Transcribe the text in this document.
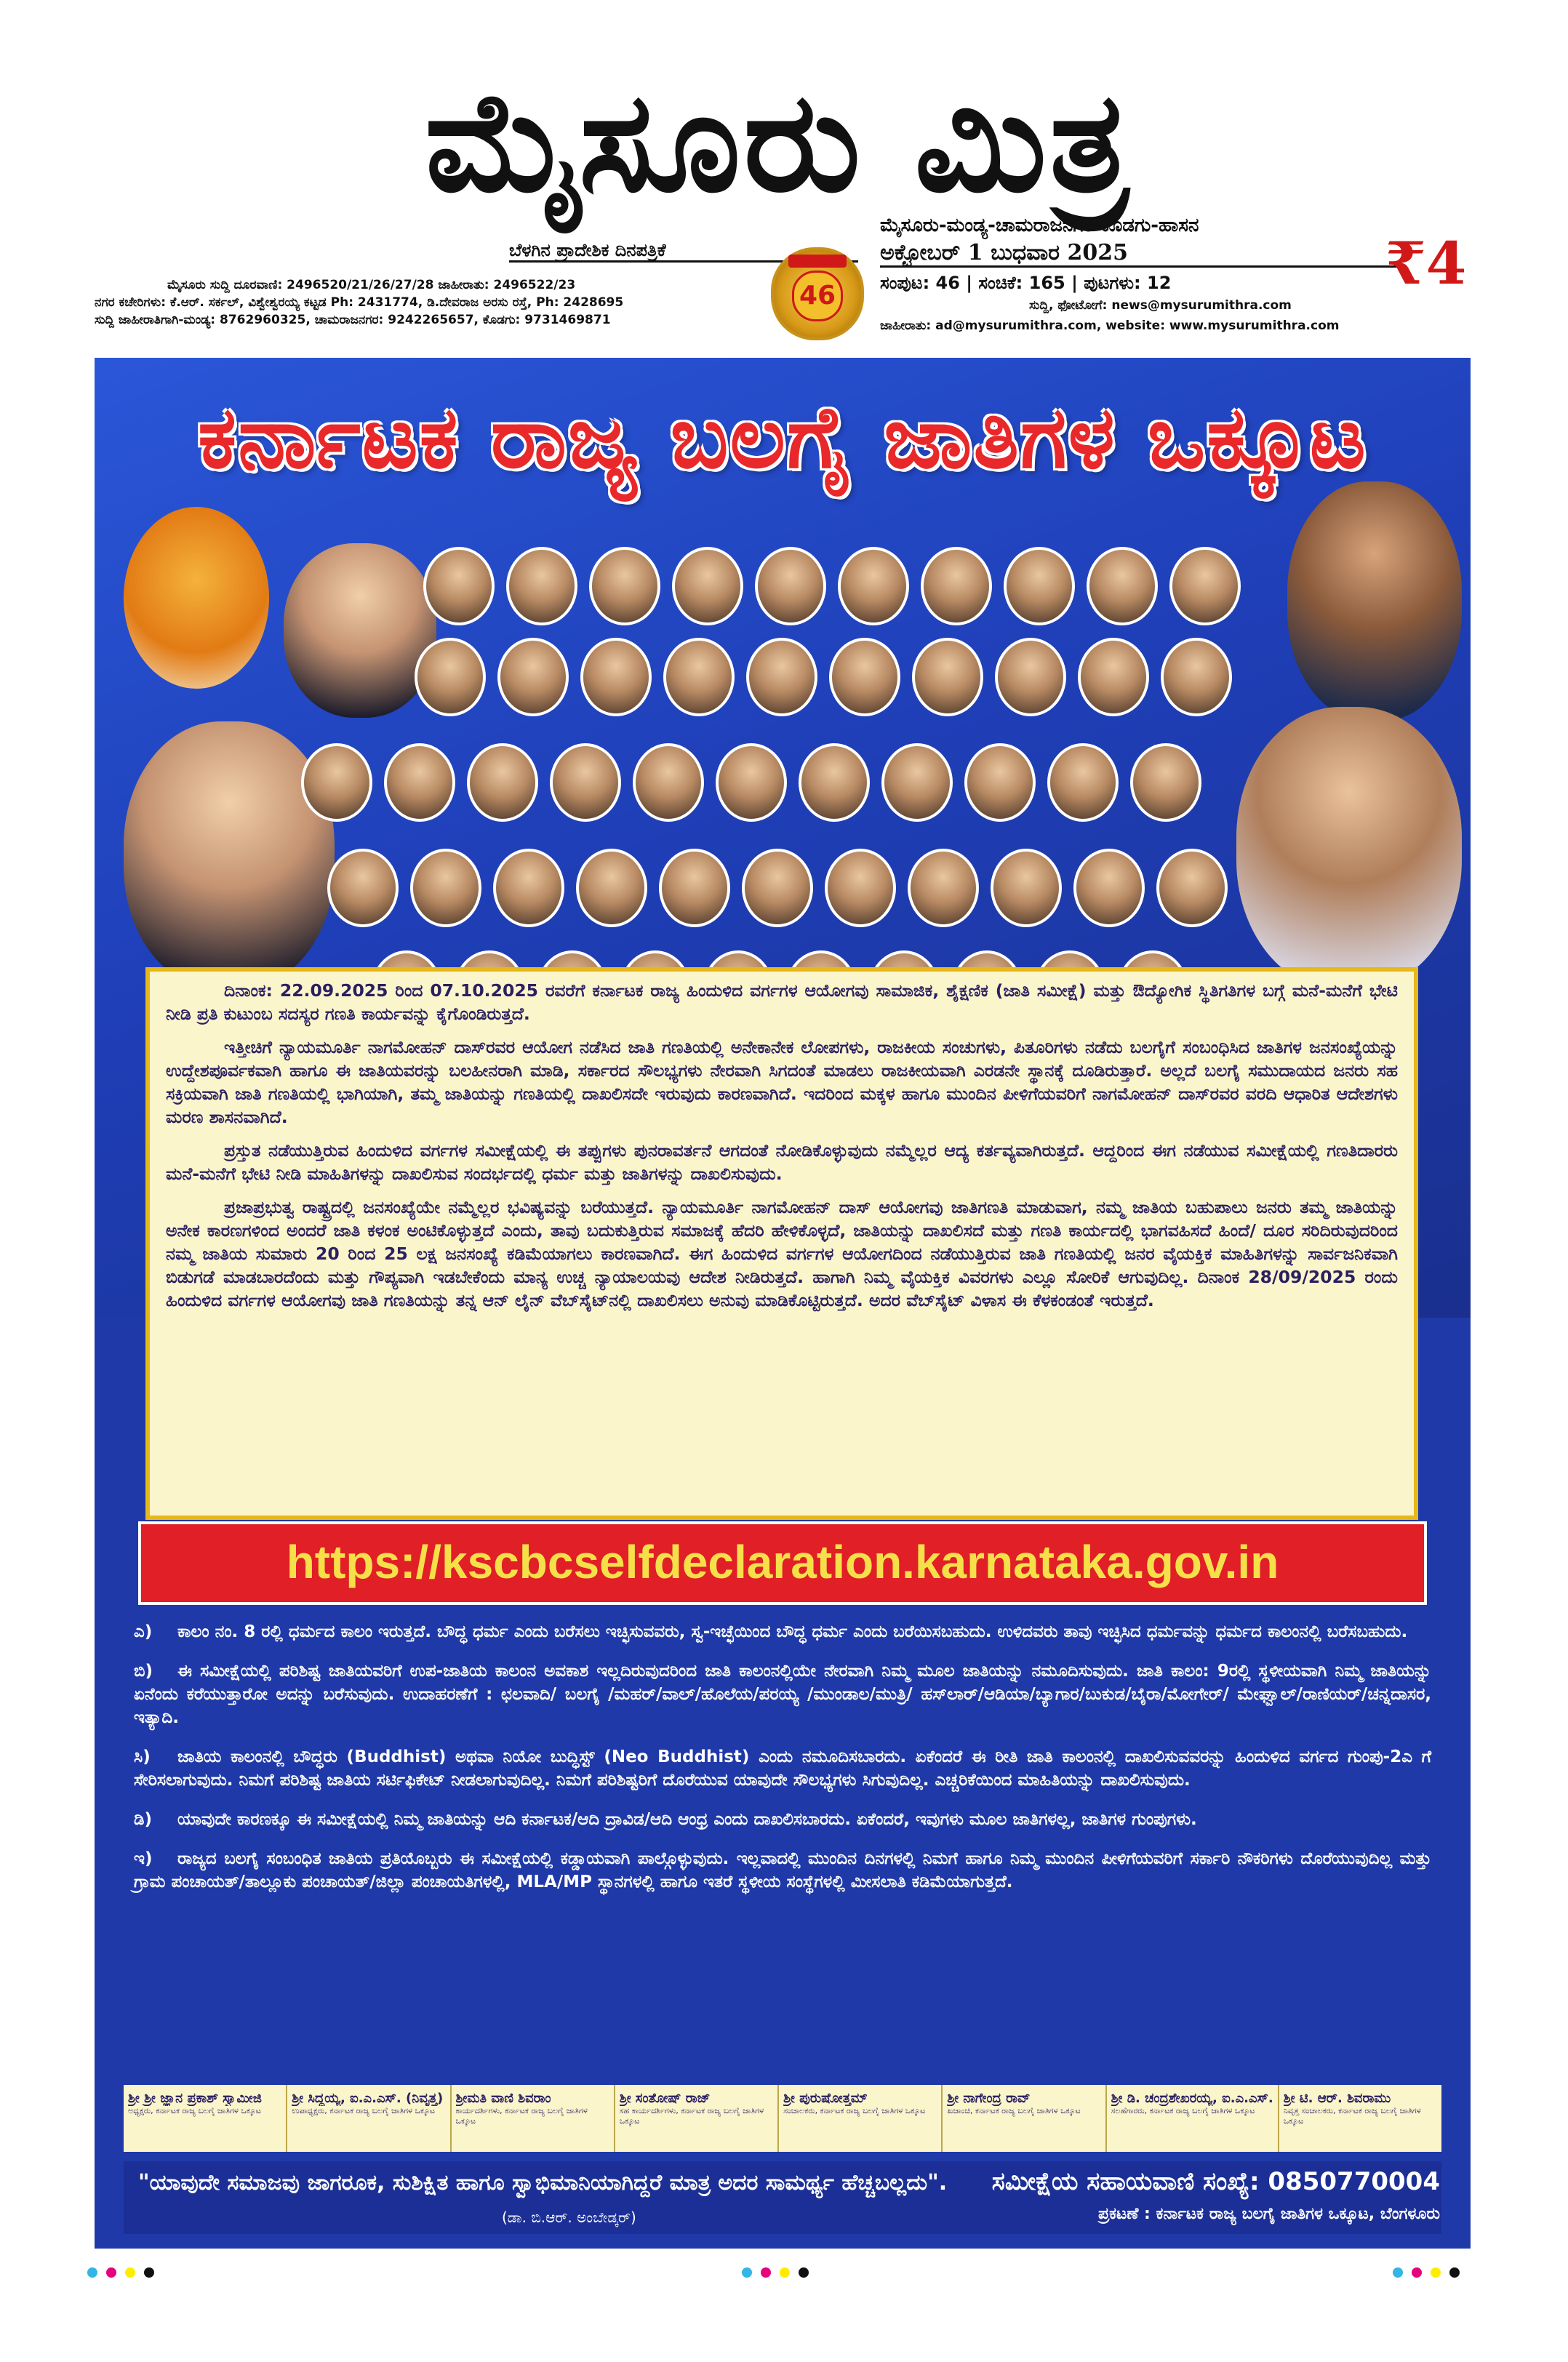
ಮೈಸೂರು ಮಿತ್ರ
ಮೈಸೂರು-ಮಂಡ್ಯ-ಚಾಮರಾಜನಗರ-ಕೊಡಗು-ಹಾಸನ
ಬೆಳಗಿನ ಪ್ರಾದೇಶಿಕ ದಿನಪತ್ರಿಕೆ
46
ಅಕ್ಟೋಬರ್ 1 ಬುಧವಾರ 2025
ಸಂಪುಟ: 46 | ಸಂಚಿಕೆ: 165 | ಪುಟಗಳು: 12	₹4
ಮೈಸೂರು ಸುದ್ದಿ ದೂರವಾಣಿ: 2496520/21/26/27/28 ಜಾಹೀರಾತು: 2496522/23
ನಗರ ಕಚೇರಿಗಳು: ಕೆ.ಆರ್. ಸರ್ಕಲ್, ವಿಶ್ವೇಶ್ವರಯ್ಯ ಕಟ್ಟಡ Ph: 2431774, ಡಿ.ದೇವರಾಜ ಅರಸು ರಸ್ತೆ, Ph: 2428695
ಸುದ್ದಿ ಜಾಹೀರಾತಿಗಾಗಿ-ಮಂಡ್ಯ: 8762960325, ಚಾಮರಾಜನಗರ: 9242265657, ಕೊಡಗು: 9731469871
ಸುದ್ದಿ, ಫೋಟೋಗೆ: news@mysurumithra.com
ಜಾಹೀರಾತು: ad@mysurumithra.com, website: www.mysurumithra.com
ಕರ್ನಾಟಕ ರಾಜ್ಯ ಬಲಗೈ ಜಾತಿಗಳ ಒಕ್ಕೂಟ

ದಿನಾಂಕ: 22.09.2025 ರಿಂದ 07.10.2025 ರವರೆಗೆ ಕರ್ನಾಟಕ ರಾಜ್ಯ ಹಿಂದುಳಿದ ವರ್ಗಗಳ ಆಯೋಗವು ಸಾಮಾಜಿಕ, ಶೈಕ್ಷಣಿಕ (ಜಾತಿ ಸಮೀಕ್ಷೆ) ಮತ್ತು ಔದ್ಯೋಗಿಕ ಸ್ಥಿತಿಗತಿಗಳ ಬಗ್ಗೆ ಮನೆ-ಮನೆಗೆ ಭೇಟಿ ನೀಡಿ ಪ್ರತಿ ಕುಟುಂಬ ಸದಸ್ಯರ ಗಣತಿ ಕಾರ್ಯವನ್ನು ಕೈಗೊಂಡಿರುತ್ತದೆ.

ಇತ್ತೀಚಿಗೆ ನ್ಯಾಯಮೂರ್ತಿ ನಾಗಮೋಹನ್ ದಾಸ್‌ರವರ ಆಯೋಗ ನಡೆಸಿದ ಜಾತಿ ಗಣತಿಯಲ್ಲಿ ಅನೇಕಾನೇಕ ಲೋಪಗಳು, ರಾಜಕೀಯ ಸಂಚುಗಳು, ಪಿತೂರಿಗಳು ನಡೆದು ಬಲಗೈಗೆ ಸಂಬಂಧಿಸಿದ ಜಾತಿಗಳ ಜನಸಂಖ್ಯೆಯನ್ನು ಉದ್ದೇಶಪೂರ್ವಕವಾಗಿ ಹಾಗೂ ಈ ಜಾತಿಯವರನ್ನು ಬಲಹೀನರಾಗಿ ಮಾಡಿ, ಸರ್ಕಾರದ ಸೌಲಭ್ಯಗಳು ನೇರವಾಗಿ ಸಿಗದಂತೆ ಮಾಡಲು ರಾಜಕೀಯವಾಗಿ ಎರಡನೇ ಸ್ಥಾನಕ್ಕೆ ದೂಡಿರುತ್ತಾರೆ. ಅಲ್ಲದೆ ಬಲಗೈ ಸಮುದಾಯದ ಜನರು ಸಹ ಸಕ್ರಿಯವಾಗಿ ಜಾತಿ ಗಣತಿಯಲ್ಲಿ ಭಾಗಿಯಾಗಿ, ತಮ್ಮ ಜಾತಿಯನ್ನು ಗಣತಿಯಲ್ಲಿ ದಾಖಲಿಸದೇ ಇರುವುದು ಕಾರಣವಾಗಿದೆ. ಇದರಿಂದ ಮಕ್ಕಳ ಹಾಗೂ ಮುಂದಿನ ಪೀಳಿಗೆಯವರಿಗೆ ನಾಗಮೋಹನ್ ದಾಸ್‌ರವರ ವರದಿ ಆಧಾರಿತ ಆದೇಶಗಳು ಮರಣ ಶಾಸನವಾಗಿದೆ.

ಪ್ರಸ್ತುತ ನಡೆಯುತ್ತಿರುವ ಹಿಂದುಳಿದ ವರ್ಗಗಳ ಸಮೀಕ್ಷೆಯಲ್ಲಿ ಈ ತಪ್ಪುಗಳು ಪುನರಾವರ್ತನೆ ಆಗದಂತೆ ನೋಡಿಕೊಳ್ಳುವುದು ನಮ್ಮೆಲ್ಲರ ಆದ್ಯ ಕರ್ತವ್ಯವಾಗಿರುತ್ತದೆ. ಆದ್ದರಿಂದ ಈಗ ನಡೆಯುವ ಸಮೀಕ್ಷೆಯಲ್ಲಿ ಗಣತಿದಾರರು ಮನೆ-ಮನೆಗೆ ಭೇಟಿ ನೀಡಿ ಮಾಹಿತಿಗಳನ್ನು ದಾಖಲಿಸುವ ಸಂದರ್ಭದಲ್ಲಿ ಧರ್ಮ ಮತ್ತು ಜಾತಿಗಳನ್ನು ದಾಖಲಿಸುವುದು.

ಪ್ರಜಾಪ್ರಭುತ್ವ ರಾಷ್ಟ್ರದಲ್ಲಿ ಜನಸಂಖ್ಯೆಯೇ ನಮ್ಮೆಲ್ಲರ ಭವಿಷ್ಯವನ್ನು ಬರೆಯುತ್ತದೆ. ನ್ಯಾಯಮೂರ್ತಿ ನಾಗಮೋಹನ್ ದಾಸ್ ಆಯೋಗವು ಜಾತಿಗಣತಿ ಮಾಡುವಾಗ, ನಮ್ಮ ಜಾತಿಯ ಬಹುಪಾಲು ಜನರು ತಮ್ಮ ಜಾತಿಯನ್ನು ಅನೇಕ ಕಾರಣಗಳಿಂದ ಅಂದರೆ ಜಾತಿ ಕಳಂಕ ಅಂಟಿಕೊಳ್ಳುತ್ತದೆ ಎಂದು, ತಾವು ಬದುಕುತ್ತಿರುವ ಸಮಾಜಕ್ಕೆ ಹೆದರಿ ಹೇಳಿಕೊಳ್ಳದೆ, ಜಾತಿಯನ್ನು ದಾಖಲಿಸದೆ ಮತ್ತು ಗಣತಿ ಕಾರ್ಯದಲ್ಲಿ ಭಾಗವಹಿಸದೆ ಹಿಂದೆ/ ದೂರ ಸರಿದಿರುವುದರಿಂದ ನಮ್ಮ ಜಾತಿಯ ಸುಮಾರು 20 ರಿಂದ 25 ಲಕ್ಷ ಜನಸಂಖ್ಯೆ ಕಡಿಮೆಯಾಗಲು ಕಾರಣವಾಗಿದೆ. ಈಗ ಹಿಂದುಳಿದ ವರ್ಗಗಳ ಆಯೋಗದಿಂದ ನಡೆಯುತ್ತಿರುವ ಜಾತಿ ಗಣತಿಯಲ್ಲಿ ಜನರ ವೈಯಕ್ತಿಕ ಮಾಹಿತಿಗಳನ್ನು ಸಾರ್ವಜನಿಕವಾಗಿ ಬಿಡುಗಡೆ ಮಾಡಬಾರದೆಂದು ಮತ್ತು ಗೌಪ್ಯವಾಗಿ ಇಡಬೇಕೆಂದು ಮಾನ್ಯ ಉಚ್ಚ ನ್ಯಾಯಾಲಯವು ಆದೇಶ ನೀಡಿರುತ್ತದೆ. ಹಾಗಾಗಿ ನಿಮ್ಮ ವೈಯಕ್ತಿಕ ವಿವರಗಳು ಎಲ್ಲೂ ಸೋರಿಕೆ ಆಗುವುದಿಲ್ಲ. ದಿನಾಂಕ 28/09/2025 ರಂದು ಹಿಂದುಳಿದ ವರ್ಗಗಳ ಆಯೋಗವು ಜಾತಿ ಗಣತಿಯನ್ನು ತನ್ನ ಆನ್ ಲೈನ್ ವೆಬ್‌ಸೈಟ್‌ನಲ್ಲಿ ದಾಖಲಿಸಲು ಅನುವು ಮಾಡಿಕೊಟ್ಟಿರುತ್ತದೆ. ಅದರ ವೆಬ್‌ಸೈಟ್ ವಿಳಾಸ ಈ ಕೆಳಕಂಡಂತೆ ಇರುತ್ತದೆ.

https://kscbcselfdeclaration.karnataka.gov.in
ಎ) ಕಾಲಂ ನಂ. 8 ರಲ್ಲಿ ಧರ್ಮದ ಕಾಲಂ ಇರುತ್ತದೆ. ಬೌದ್ಧ ಧರ್ಮ ಎಂದು ಬರೆಸಲು ಇಚ್ಛಿಸುವವರು, ಸ್ವ-ಇಚ್ಛೆಯಿಂದ ಬೌದ್ಧ ಧರ್ಮ ಎಂದು ಬರೆಯಿಸಬಹುದು. ಉಳಿದವರು ತಾವು ಇಚ್ಛಿಸಿದ ಧರ್ಮವನ್ನು ಧರ್ಮದ ಕಾಲಂನಲ್ಲಿ ಬರೆಸಬಹುದು.
ಬಿ) ಈ ಸಮೀಕ್ಷೆಯಲ್ಲಿ ಪರಿಶಿಷ್ಟ ಜಾತಿಯವರಿಗೆ ಉಪ-ಜಾತಿಯ ಕಾಲಂನ ಅವಕಾಶ ಇಲ್ಲದಿರುವುದರಿಂದ ಜಾತಿ ಕಾಲಂನಲ್ಲಿಯೇ ನೇರವಾಗಿ ನಿಮ್ಮ ಮೂಲ ಜಾತಿಯನ್ನು ನಮೂದಿಸುವುದು. ಜಾತಿ ಕಾಲಂ: 9ರಲ್ಲಿ ಸ್ಥಳೀಯವಾಗಿ ನಿಮ್ಮ ಜಾತಿಯನ್ನು ಏನೆಂದು ಕರೆಯುತ್ತಾರೋ ಅದನ್ನು ಬರೆಸುವುದು. ಉದಾಹರಣೆಗೆ : ಛಲವಾದಿ/ ಬಲಗೈ /ಮಹರ್/ವಾಲ್/ಹೊಲೆಯ/ಪರಯ್ಯ /ಮುಂಡಾಲ/ಮುತ್ರಿ/ ಹಸ್‌ಲಾರ್/ಆಡಿಯಾ/ಬ್ಯಾಗಾರ/ಬುಕುಡ/ಬೈರಾ/ಮೋಗೇರ್/ ಮೇಘ್ವಾಲ್/ರಾಣಿಯರ್/ಚನ್ನದಾಸರ, ಇತ್ಯಾದಿ.
ಸಿ) ಜಾತಿಯ ಕಾಲಂನಲ್ಲಿ ಬೌದ್ಧರು (Buddhist) ಅಥವಾ ನಿಯೋ ಬುದ್ಧಿಸ್ಟ್ (Neo Buddhist) ಎಂದು ನಮೂದಿಸಬಾರದು. ಏಕೆಂದರೆ ಈ ರೀತಿ ಜಾತಿ ಕಾಲಂನಲ್ಲಿ ದಾಖಲಿಸುವವರನ್ನು ಹಿಂದುಳಿದ ವರ್ಗದ ಗುಂಪು-2ಎ ಗೆ ಸೇರಿಸಲಾಗುವುದು. ನಿಮಗೆ ಪರಿಶಿಷ್ಟ ಜಾತಿಯ ಸರ್ಟಿಫಿಕೇಟ್ ನೀಡಲಾಗುವುದಿಲ್ಲ. ನಿಮಗೆ ಪರಿಶಿಷ್ಟರಿಗೆ ದೊರೆಯುವ ಯಾವುದೇ ಸೌಲಭ್ಯಗಳು ಸಿಗುವುದಿಲ್ಲ. ಎಚ್ಚರಿಕೆಯಿಂದ ಮಾಹಿತಿಯನ್ನು ದಾಖಲಿಸುವುದು.
ಡಿ) ಯಾವುದೇ ಕಾರಣಕ್ಕೂ ಈ ಸಮೀಕ್ಷೆಯಲ್ಲಿ ನಿಮ್ಮ ಜಾತಿಯನ್ನು ಆದಿ ಕರ್ನಾಟಕ/ಆದಿ ದ್ರಾವಿಡ/ಆದಿ ಆಂಧ್ರ ಎಂದು ದಾಖಲಿಸಬಾರದು. ಏಕೆಂದರೆ, ಇವುಗಳು ಮೂಲ ಜಾತಿಗಳಲ್ಲ, ಜಾತಿಗಳ ಗುಂಪುಗಳು.
ಇ) ರಾಜ್ಯದ ಬಲಗೈ ಸಂಬಂಧಿತ ಜಾತಿಯ ಪ್ರತಿಯೊಬ್ಬರು ಈ ಸಮೀಕ್ಷೆಯಲ್ಲಿ ಕಡ್ಡಾಯವಾಗಿ ಪಾಲ್ಗೊಳ್ಳುವುದು. ಇಲ್ಲವಾದಲ್ಲಿ ಮುಂದಿನ ದಿನಗಳಲ್ಲಿ ನಿಮಗೆ ಹಾಗೂ ನಿಮ್ಮ ಮುಂದಿನ ಪೀಳಿಗೆಯವರಿಗೆ ಸರ್ಕಾರಿ ನೌಕರಿಗಳು ದೊರೆಯುವುದಿಲ್ಲ ಮತ್ತು ಗ್ರಾಮ ಪಂಚಾಯತ್/ತಾಲ್ಲೂಕು ಪಂಚಾಯತ್/ಜಿಲ್ಲಾ ಪಂಚಾಯತಿಗಳಲ್ಲಿ, MLA/MP ಸ್ಥಾನಗಳಲ್ಲಿ ಹಾಗೂ ಇತರೆ ಸ್ಥಳೀಯ ಸಂಸ್ಥೆಗಳಲ್ಲಿ ಮೀಸಲಾತಿ ಕಡಿಮೆಯಾಗುತ್ತದೆ.
ಶ್ರೀ ಶ್ರೀ ಜ್ಞಾನ ಪ್ರಕಾಶ್ ಸ್ವಾಮೀಜಿ
ಅಧ್ಯಕ್ಷರು, ಕರ್ನಾಟಕ ರಾಜ್ಯ ಬಲಗೈ ಜಾತಿಗಳ ಒಕ್ಕೂಟ
ಶ್ರೀ ಸಿದ್ದಯ್ಯ, ಐ.ಎ.ಎಸ್. (ನಿವೃತ್ತ)
ಉಪಾಧ್ಯಕ್ಷರು, ಕರ್ನಾಟಕ ರಾಜ್ಯ ಬಲಗೈ ಜಾತಿಗಳ ಒಕ್ಕೂಟ
ಶ್ರೀಮತಿ ವಾಣಿ ಶಿವರಾಂ
ಕಾರ್ಯದರ್ಶಿಗಳು, ಕರ್ನಾಟಕ ರಾಜ್ಯ ಬಲಗೈ ಜಾತಿಗಳ ಒಕ್ಕೂಟ
ಶ್ರೀ ಸಂತೋಷ್ ರಾಜ್
ಸಹ ಕಾರ್ಯದರ್ಶಿಗಳು, ಕರ್ನಾಟಕ ರಾಜ್ಯ ಬಲಗೈ ಜಾತಿಗಳ ಒಕ್ಕೂಟ
ಶ್ರೀ ಪುರುಷೋತ್ತಮ್
ಸಂಚಾಲಕರು, ಕರ್ನಾಟಕ ರಾಜ್ಯ ಬಲಗೈ ಜಾತಿಗಳ ಒಕ್ಕೂಟ
ಶ್ರೀ ನಾಗೇಂದ್ರ ರಾವ್
ಖಜಾಂಚಿ, ಕರ್ನಾಟಕ ರಾಜ್ಯ ಬಲಗೈ ಜಾತಿಗಳ ಒಕ್ಕೂಟ
ಶ್ರೀ ಡಿ. ಚಂದ್ರಶೇಖರಯ್ಯ, ಐ.ಎ.ಎಸ್.
ಸಲಹೆಗಾರರು, ಕರ್ನಾಟಕ ರಾಜ್ಯ ಬಲಗೈ ಜಾತಿಗಳ ಒಕ್ಕೂಟ
ಶ್ರೀ ಟಿ. ಆರ್. ಶಿವರಾಮು
ನಿವೃತ್ತ ಸಂಚಾಲಕರು, ಕರ್ನಾಟಕ ರಾಜ್ಯ ಬಲಗೈ ಜಾತಿಗಳ ಒಕ್ಕೂಟ
"ಯಾವುದೇ ಸಮಾಜವು ಜಾಗರೂಕ, ಸುಶಿಕ್ಷಿತ ಹಾಗೂ ಸ್ವಾಭಿಮಾನಿಯಾಗಿದ್ದರೆ ಮಾತ್ರ ಅದರ ಸಾಮರ್ಥ್ಯ ಹೆಚ್ಚಬಲ್ಲದು".
(ಡಾ. ಬಿ.ಆರ್. ಅಂಬೇಡ್ಕರ್)
ಸಮೀಕ್ಷೆಯ ಸಹಾಯವಾಣಿ ಸಂಖ್ಯೆ: 0850770004
ಪ್ರಕಟಣೆ : ಕರ್ನಾಟಕ ರಾಜ್ಯ ಬಲಗೈ ಜಾತಿಗಳ ಒಕ್ಕೂಟ, ಬೆಂಗಳೂರು
